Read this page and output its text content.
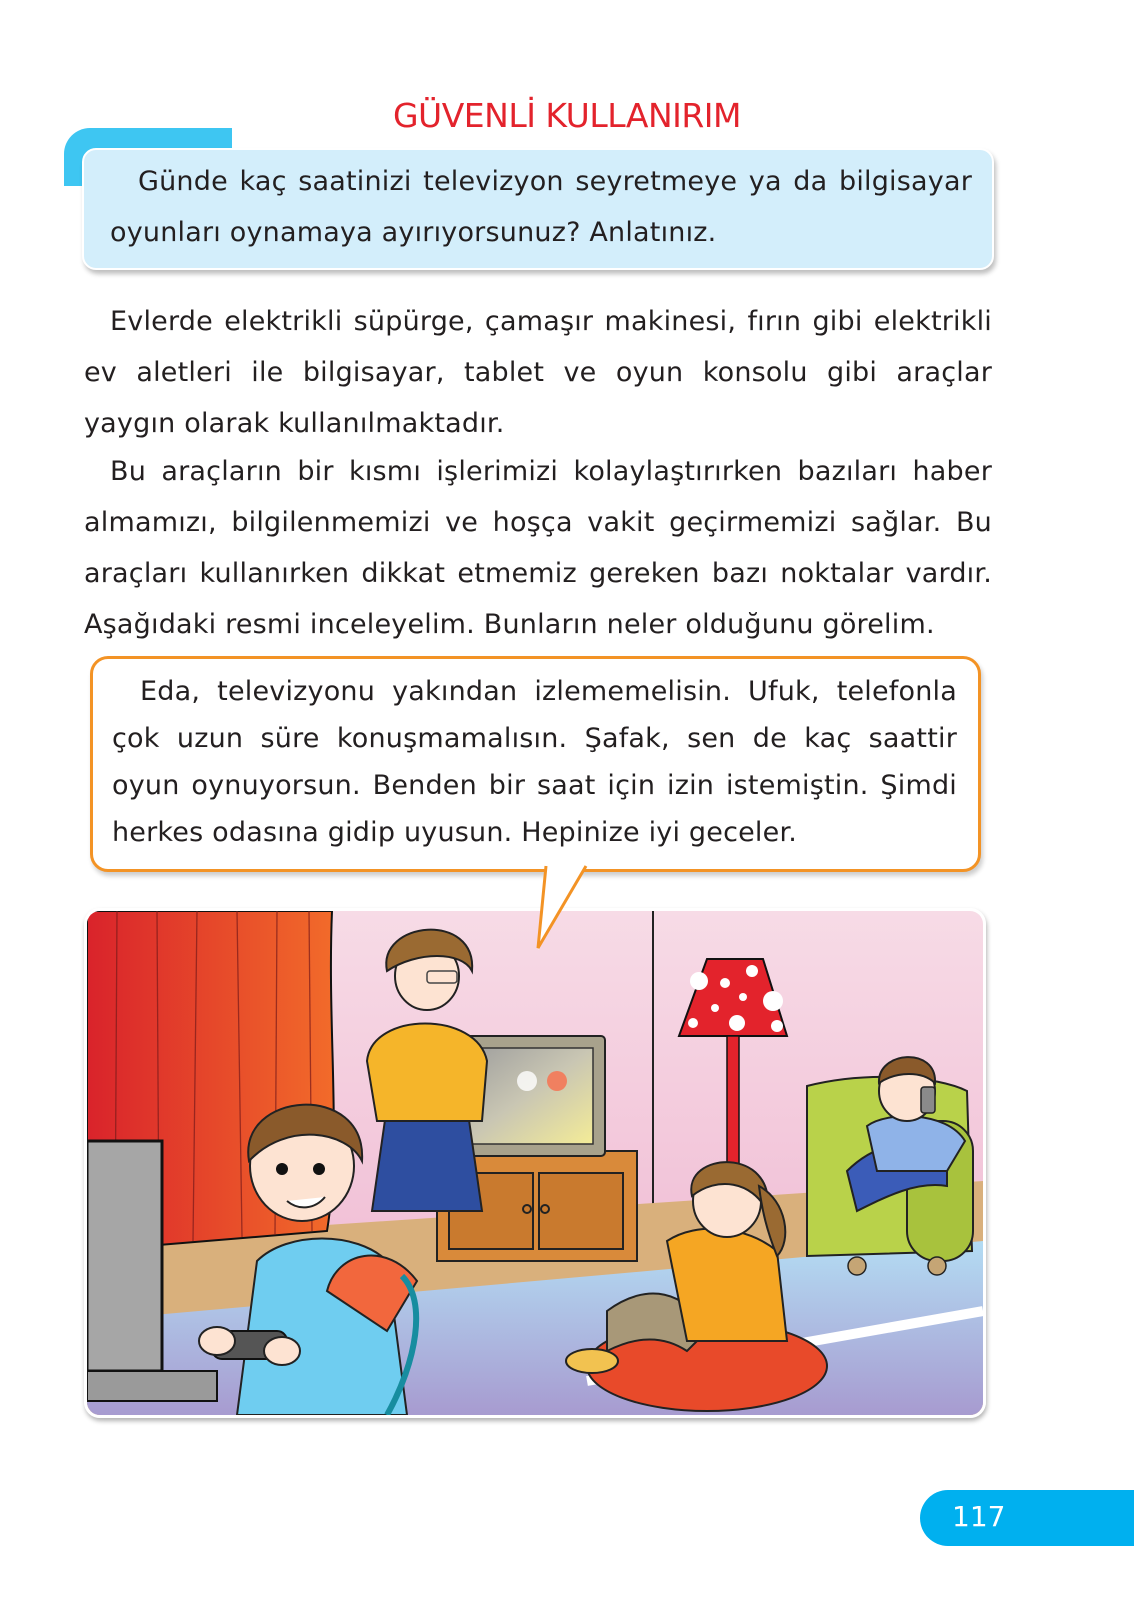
GÜVENLİ KULLANIRIM
Günde kaç saatinizi televizyon seyretmeye ya da bilgisayar oyunları oynamaya ayırıyorsunuz? Anlatınız.
Evlerde elektrikli süpürge, çamaşır makinesi, fırın gibi elektrikli ev aletleri ile bilgisayar, tablet ve oyun konsolu gibi araçlar yaygın olarak kullanılmaktadır.
Bu araçların bir kısmı işlerimizi kolaylaştırırken bazıları haber almamızı, bilgilenmemizi ve hoşça vakit geçirmemizi sağlar. Bu araçları kullanırken dikkat etmemiz gereken bazı noktalar vardır. Aşağıdaki resmi inceleyelim. Bunların neler olduğunu görelim.
Eda, televizyonu yakından izlememelisin. Ufuk, telefonla çok uzun süre konuşmamalısın. Şafak, sen de kaç saattir oyun oynuyorsun. Benden bir saat için izin istemiştin. Şimdi herkes odasına gidip uyusun. Hepinize iyi geceler.
117
